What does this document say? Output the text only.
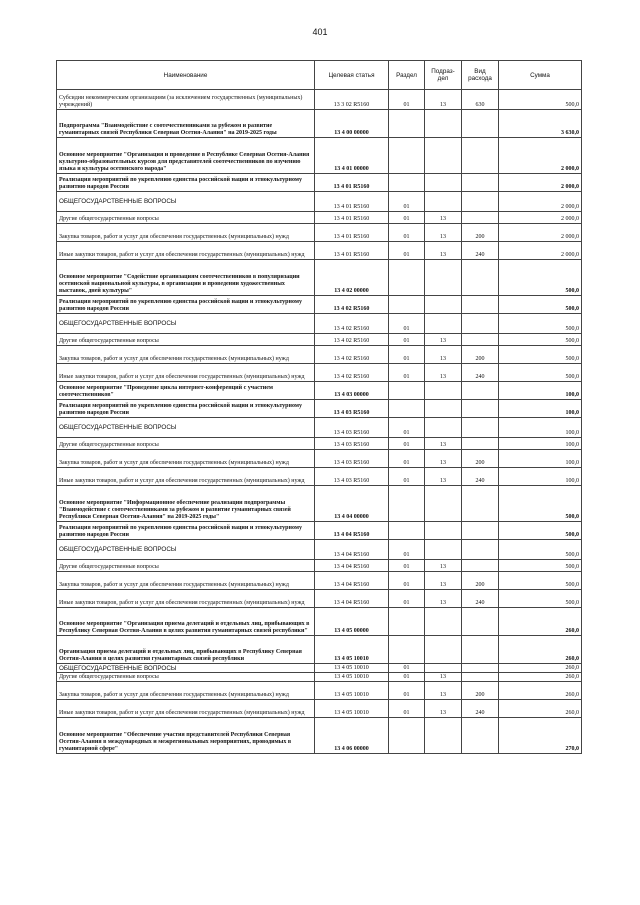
401
Наименование	Целевая статья	Раздел	Подраз-дел	Вид расхода	Сумма
Субсидии некоммерческим организациям (за исключением государственных (муниципальных) учреждений)	13 3 02 R5160	01	13	630	500,0
Подпрограмма "Взаимодействие с соотечественниками за рубежом и развитие гуманитарных связей Республики Северная Осетия-Алания" на 2019-2025 годы	13 4 00 00000				3 630,0
Основное мероприятие "Организация и проведение в Республике Северная Осетия-Алания культурно-образовательных курсов для представителей соотечественников по изучению языка и культуры осетинского народа"	13 4 01 00000				2 000,0
Реализация мероприятий по укреплению единства российской нации и этнокультурному развитию народов России	13 4 01 R5160				2 000,0
ОБЩЕГОСУДАРСТВЕННЫЕ ВОПРОСЫ	13 4 01 R5160	01			2 000,0
Другие общегосударственные вопросы	13 4 01 R5160	01	13		2 000,0
Закупка товаров, работ и услуг для обеспечения государственных (муниципальных) нужд	13 4 01 R5160	01	13	200	2 000,0
Иные закупки товаров, работ и услуг для обеспечения государственных (муниципальных) нужд	13 4 01 R5160	01	13	240	2 000,0
Основное мероприятие "Содействие организациям соотечественников в популяризации осетинской национальной культуры, в организации и проведении художественных выставок, дней культуры"	13 4 02 00000				500,0
Реализация мероприятий по укреплению единства российской нации и этнокультурному развитию народов России	13 4 02 R5160				500,0
ОБЩЕГОСУДАРСТВЕННЫЕ ВОПРОСЫ	13 4 02 R5160	01			500,0
Другие общегосударственные вопросы	13 4 02 R5160	01	13		500,0
Закупка товаров, работ и услуг для обеспечения государственных (муниципальных) нужд	13 4 02 R5160	01	13	200	500,0
Иные закупки товаров, работ и услуг для обеспечения государственных (муниципальных) нужд	13 4 02 R5160	01	13	240	500,0
Основное мероприятие "Проведение цикла интернет-конференций с участием соотечественников"	13 4 03 00000				100,0
Реализация мероприятий по укреплению единства российской нации и этнокультурному развитию народов России	13 4 03 R5160				100,0
ОБЩЕГОСУДАРСТВЕННЫЕ ВОПРОСЫ	13 4 03 R5160	01			100,0
Другие общегосударственные вопросы	13 4 03 R5160	01	13		100,0
Закупка товаров, работ и услуг для обеспечения государственных (муниципальных) нужд	13 4 03 R5160	01	13	200	100,0
Иные закупки товаров, работ и услуг для обеспечения государственных (муниципальных) нужд	13 4 03 R5160	01	13	240	100,0
Основное мероприятие "Информационное обеспечение реализации подпрограммы "Взаимодействие с соотечественниками за рубежом и развитие гуманитарных связей Республики Северная Осетия-Алания" на 2019-2025 годы"	13 4 04 00000				500,0
Реализация мероприятий по укреплению единства российской нации и этнокультурному развитию народов России	13 4 04 R5160				500,0
ОБЩЕГОСУДАРСТВЕННЫЕ ВОПРОСЫ	13 4 04 R5160	01			500,0
Другие общегосударственные вопросы	13 4 04 R5160	01	13		500,0
Закупка товаров, работ и услуг для обеспечения государственных (муниципальных) нужд	13 4 04 R5160	01	13	200	500,0
Иные закупки товаров, работ и услуг для обеспечения государственных (муниципальных) нужд	13 4 04 R5160	01	13	240	500,0
Основное мероприятие "Организация приема делегаций и отдельных лиц, прибывающих в Республику Северная Осетия-Алания в целях развития гуманитарных связей республики"	13 4 05 00000				260,0
Организация приема делегаций и отдельных лиц, прибывающих в Республику Северная Осетия-Алания в целях развития гуманитарных связей республики	13 4 05 10010				260,0
ОБЩЕГОСУДАРСТВЕННЫЕ ВОПРОСЫ	13 4 05 10010	01			260,0
Другие общегосударственные вопросы	13 4 05 10010	01	13		260,0
Закупка товаров, работ и услуг для обеспечения государственных (муниципальных) нужд	13 4 05 10010	01	13	200	260,0
Иные закупки товаров, работ и услуг для обеспечения государственных (муниципальных) нужд	13 4 05 10010	01	13	240	260,0
Основное мероприятие "Обеспечение участия представителей Республики Северная Осетия-Алания в международных и межрегиональных мероприятиях, проводимых в гуманитарной сфере"	13 4 06 00000				270,0
